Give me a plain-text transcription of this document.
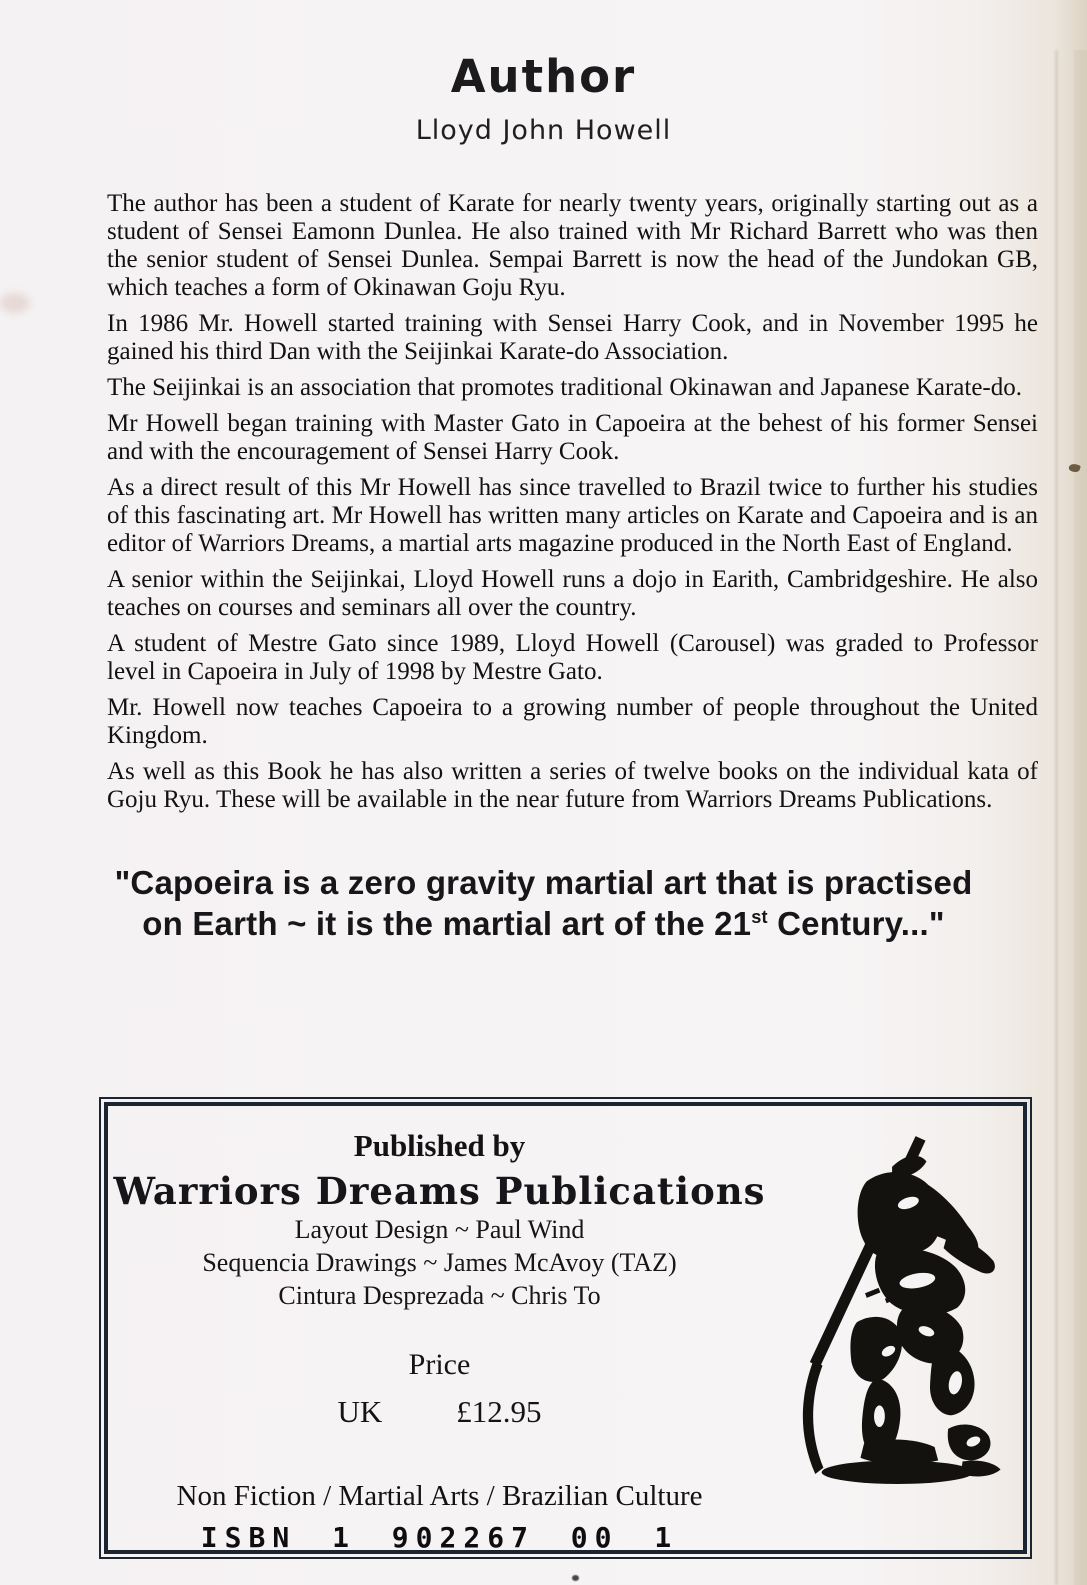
Author
Lloyd John Howell

The author has been a student of Karate for nearly twenty years, originally starting out as a student of Sensei Eamonn Dunlea. He also trained with Mr Richard Barrett who was then the senior student of Sensei Dunlea. Sempai Barrett is now the head of the Jundokan GB, which teaches a form of Okinawan Goju Ryu.

In 1986 Mr. Howell started training with Sensei Harry Cook, and in November 1995 he gained his third Dan with the Seijinkai Karate-do Association.

The Seijinkai is an association that promotes traditional Okinawan and Japanese Karate-do.

Mr Howell began training with Master Gato in Capoeira at the behest of his former Sensei and with the encouragement of Sensei Harry Cook.

As a direct result of this Mr Howell has since travelled to Brazil twice to further his studies of this fascinating art. Mr Howell has written many articles on Karate and Capoeira and is an editor of Warriors Dreams, a martial arts magazine produced in the North East of England.

A senior within the Seijinkai, Lloyd Howell runs a dojo in Earith, Cambridgeshire. He also teaches on courses and seminars all over the country.

A student of Mestre Gato since 1989, Lloyd Howell (Carousel) was graded to Professor level in Capoeira in July of 1998 by Mestre Gato.

Mr. Howell now teaches Capoeira to a growing number of people throughout the United Kingdom.

As well as this Book he has also written a series of twelve books on the individual kata of Goju Ryu. These will be available in the near future from Warriors Dreams Publications.

"Capoeira is a zero gravity martial art that is practised
on Earth ~ it is the martial art of the 21st Century..."
Published by
Warriors Dreams Publications
Layout Design ~ Paul Wind
Sequencia Drawings ~ James McAvoy (TAZ)
Cintura Desprezada ~ Chris To
Price
UK £12.95
Non Fiction / Martial Arts / Brazilian Culture
ISBN 1 902267 00 1
